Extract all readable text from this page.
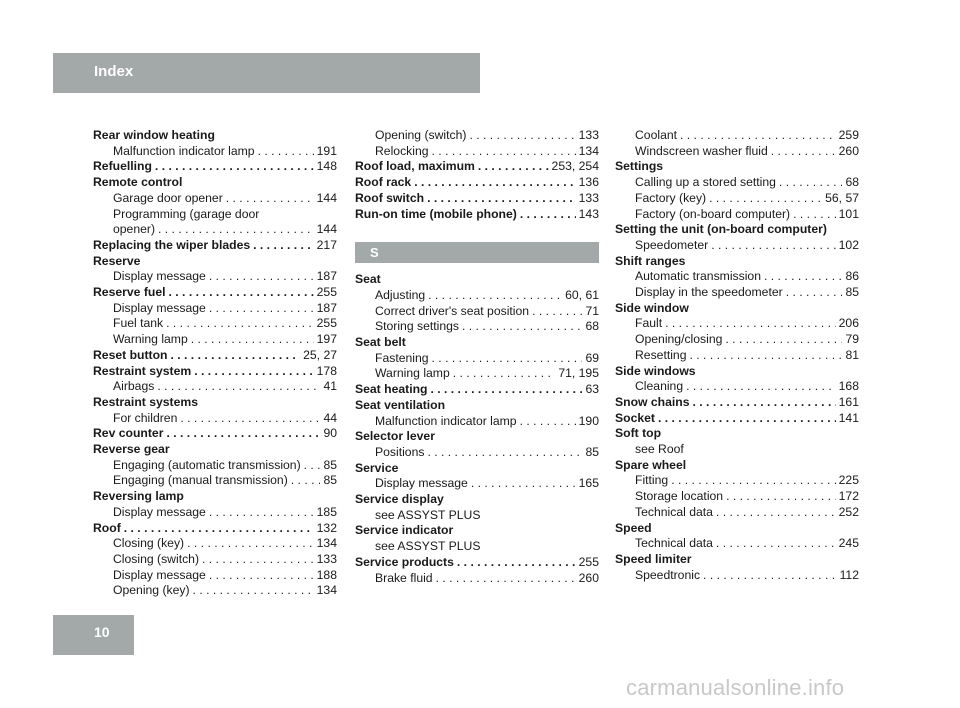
Index
Rear window heating
Malfunction indicator lamp . . .	191
Refuelling . . .	148
Remote control
Garage door opener . . .	144
Programming (garage door
opener) . . .	144
Replacing the wiper blades . . .	217
Reserve
Display message . . .	187
Reserve fuel . . .	255
Display message . . .	187
Fuel tank . . .	255
Warning lamp . . .	197
Reset button . . .	25, 27
Restraint system . . .	178
Airbags . . .	41
Restraint systems
For children . . .	44
Rev counter . . .	90
Reverse gear
Engaging (automatic transmission) . . . 85
Engaging (manual transmission) . . .	85
Reversing lamp
Display message . . .	185
Roof . . .	132
Closing (key) . . .	134
Closing (switch) . . .	133
Display message . . .	188
Opening (key) . . .	134
Opening (switch) . . .	133
Relocking . . .	134
Roof load, maximum . . .	253, 254
Roof rack . . .	136
Roof switch . . .	133
Run-on time (mobile phone) . . .	143
S
Seat
Adjusting . . .	60, 61
Correct driver's seat position . . .	71
Storing settings . . .	68
Seat belt
Fastening . . .	69
Warning lamp . . .	71, 195
Seat heating . . .	63
Seat ventilation
Malfunction indicator lamp . . .	190
Selector lever
Positions . . .	85
Service
Display message . . .	165
Service display
see ASSYST PLUS
Service indicator
see ASSYST PLUS
Service products . . .	255
Brake fluid . . .	260
Coolant . . .	259
Windscreen washer fluid . . .	260
Settings
Calling up a stored setting . . .	68
Factory (key) . . .	56, 57
Factory (on-board computer) . . .	101
Setting the unit (on-board computer)
Speedometer . . .	102
Shift ranges
Automatic transmission . . .	86
Display in the speedometer . . .	85
Side window
Fault . . .	206
Opening/closing . . .	79
Resetting . . .	81
Side windows
Cleaning . . .	168
Snow chains . . .	161
Socket . . .	141
Soft top
see Roof
Spare wheel
Fitting . . .	225
Storage location . . .	172
Technical data . . .	252
Speed
Technical data . . .	245
Speed limiter
Speedtronic . . .	112
10
carmanualsonline.info
